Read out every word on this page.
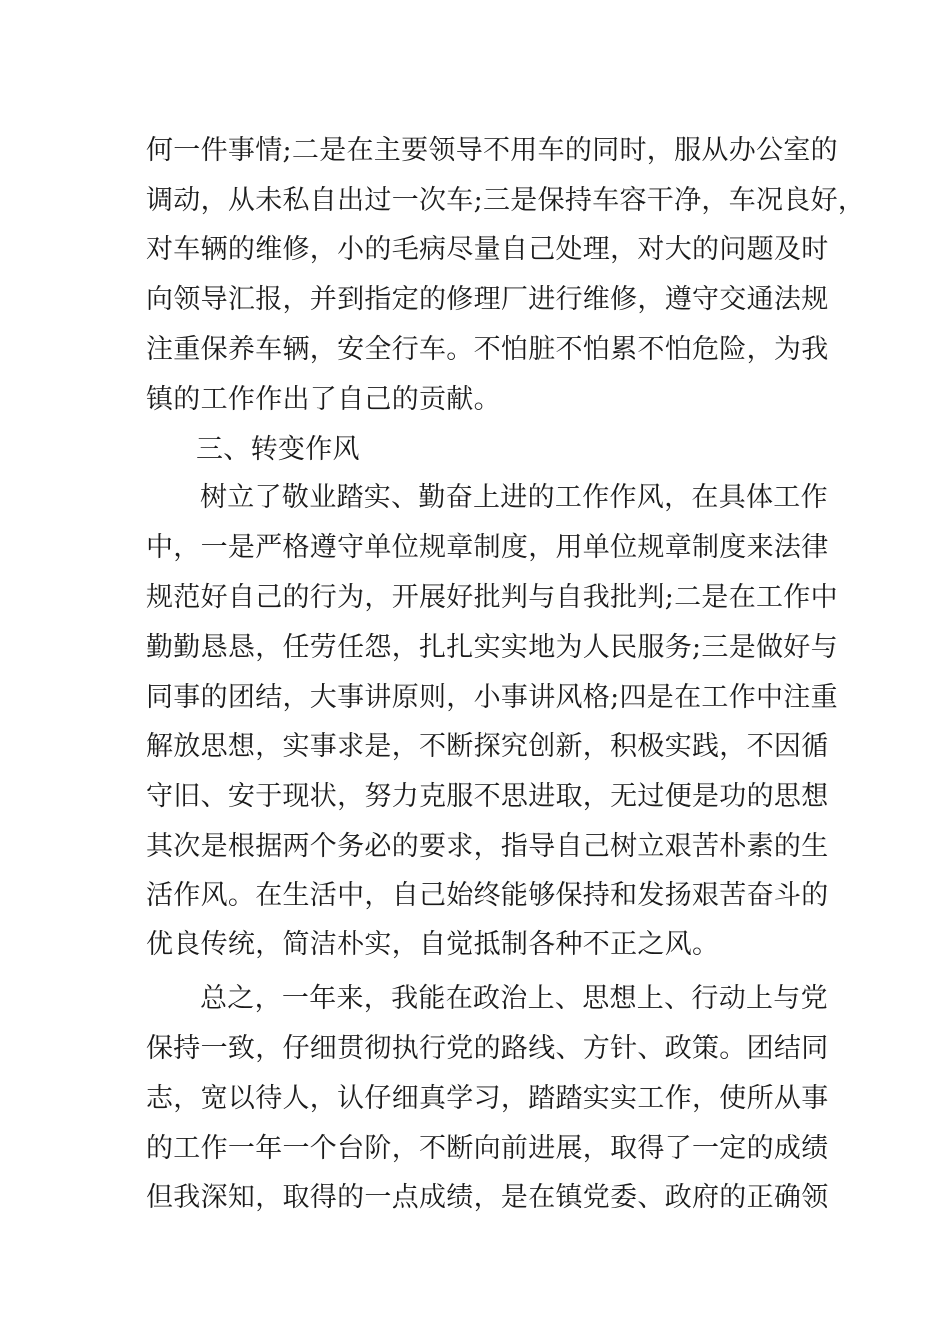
何一件事情;二是在主要领导不用车的同时，服从办公室的
调动，从未私自出过一次车;三是保持车容干净，车况良好，
对车辆的维修，小的毛病尽量自己处理，对大的问题及时
向领导汇报，并到指定的修理厂进行维修，遵守交通法规
注重保养车辆，安全行车。不怕脏不怕累不怕危险，为我
镇的工作作出了自己的贡献。
三、转变作风
树立了敬业踏实、勤奋上进的工作作风，在具体工作
中，一是严格遵守单位规章制度，用单位规章制度来法律
规范好自己的行为，开展好批判与自我批判;二是在工作中
勤勤恳恳，任劳任怨，扎扎实实地为人民服务;三是做好与
同事的团结，大事讲原则，小事讲风格;四是在工作中注重
解放思想，实事求是，不断探究创新，积极实践，不因循
守旧、安于现状，努力克服不思进取，无过便是功的思想
其次是根据两个务必的要求，指导自己树立艰苦朴素的生
活作风。在生活中，自己始终能够保持和发扬艰苦奋斗的
优良传统，简洁朴实，自觉抵制各种不正之风。
总之，一年来，我能在政治上、思想上、行动上与党
保持一致，仔细贯彻执行党的路线、方针、政策。团结同
志，宽以待人，认仔细真学习，踏踏实实工作，使所从事
的工作一年一个台阶，不断向前进展，取得了一定的成绩
但我深知，取得的一点成绩，是在镇党委、政府的正确领
